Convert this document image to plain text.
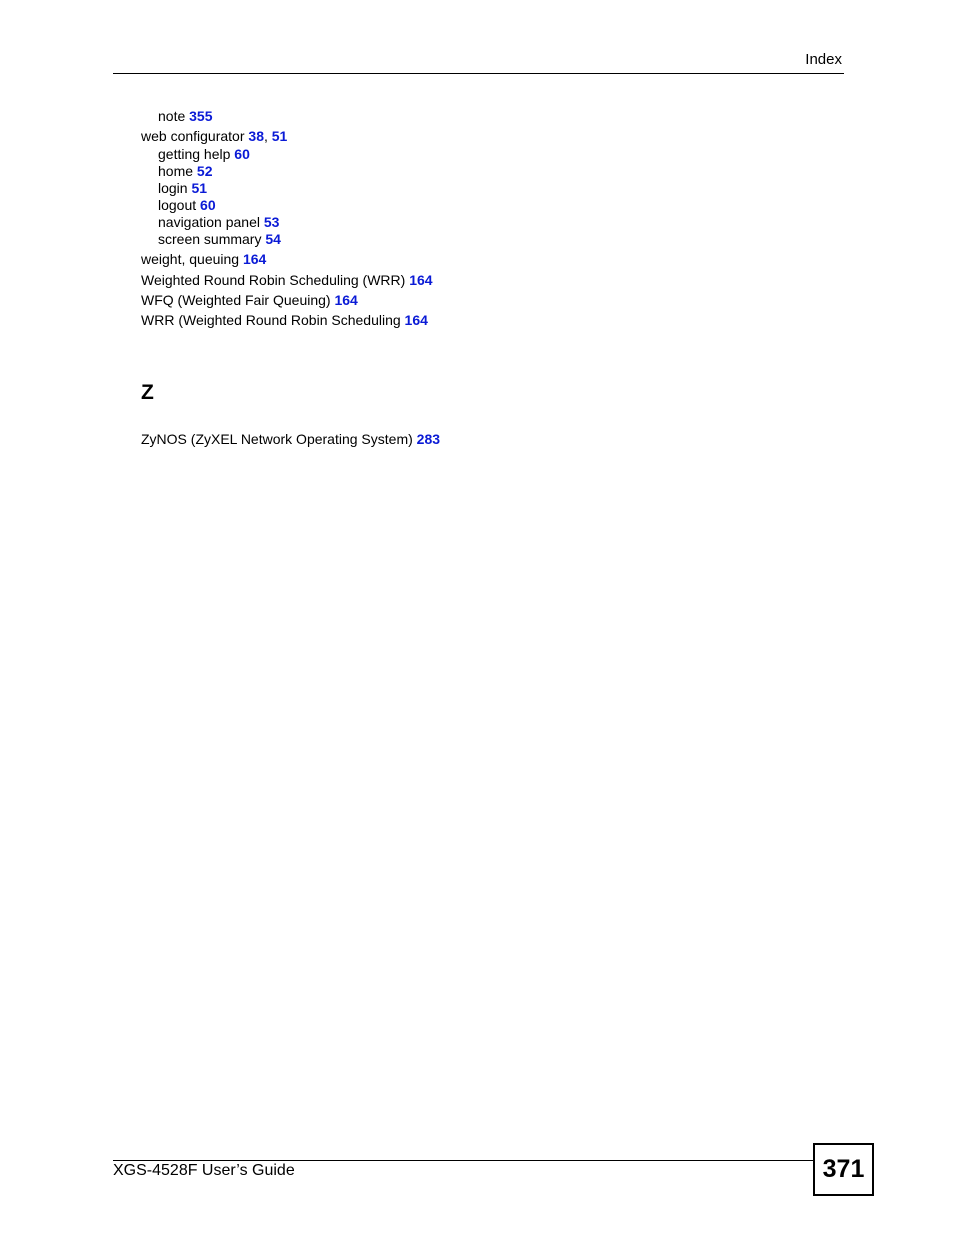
Index
note 355
web configurator 38, 51
getting help 60
home 52
login 51
logout 60
navigation panel 53
screen summary 54
weight, queuing 164
Weighted Round Robin Scheduling (WRR) 164
WFQ (Weighted Fair Queuing) 164
WRR (Weighted Round Robin Scheduling 164
Z
ZyNOS (ZyXEL Network Operating System) 283
XGS-4528F User’s Guide	371
